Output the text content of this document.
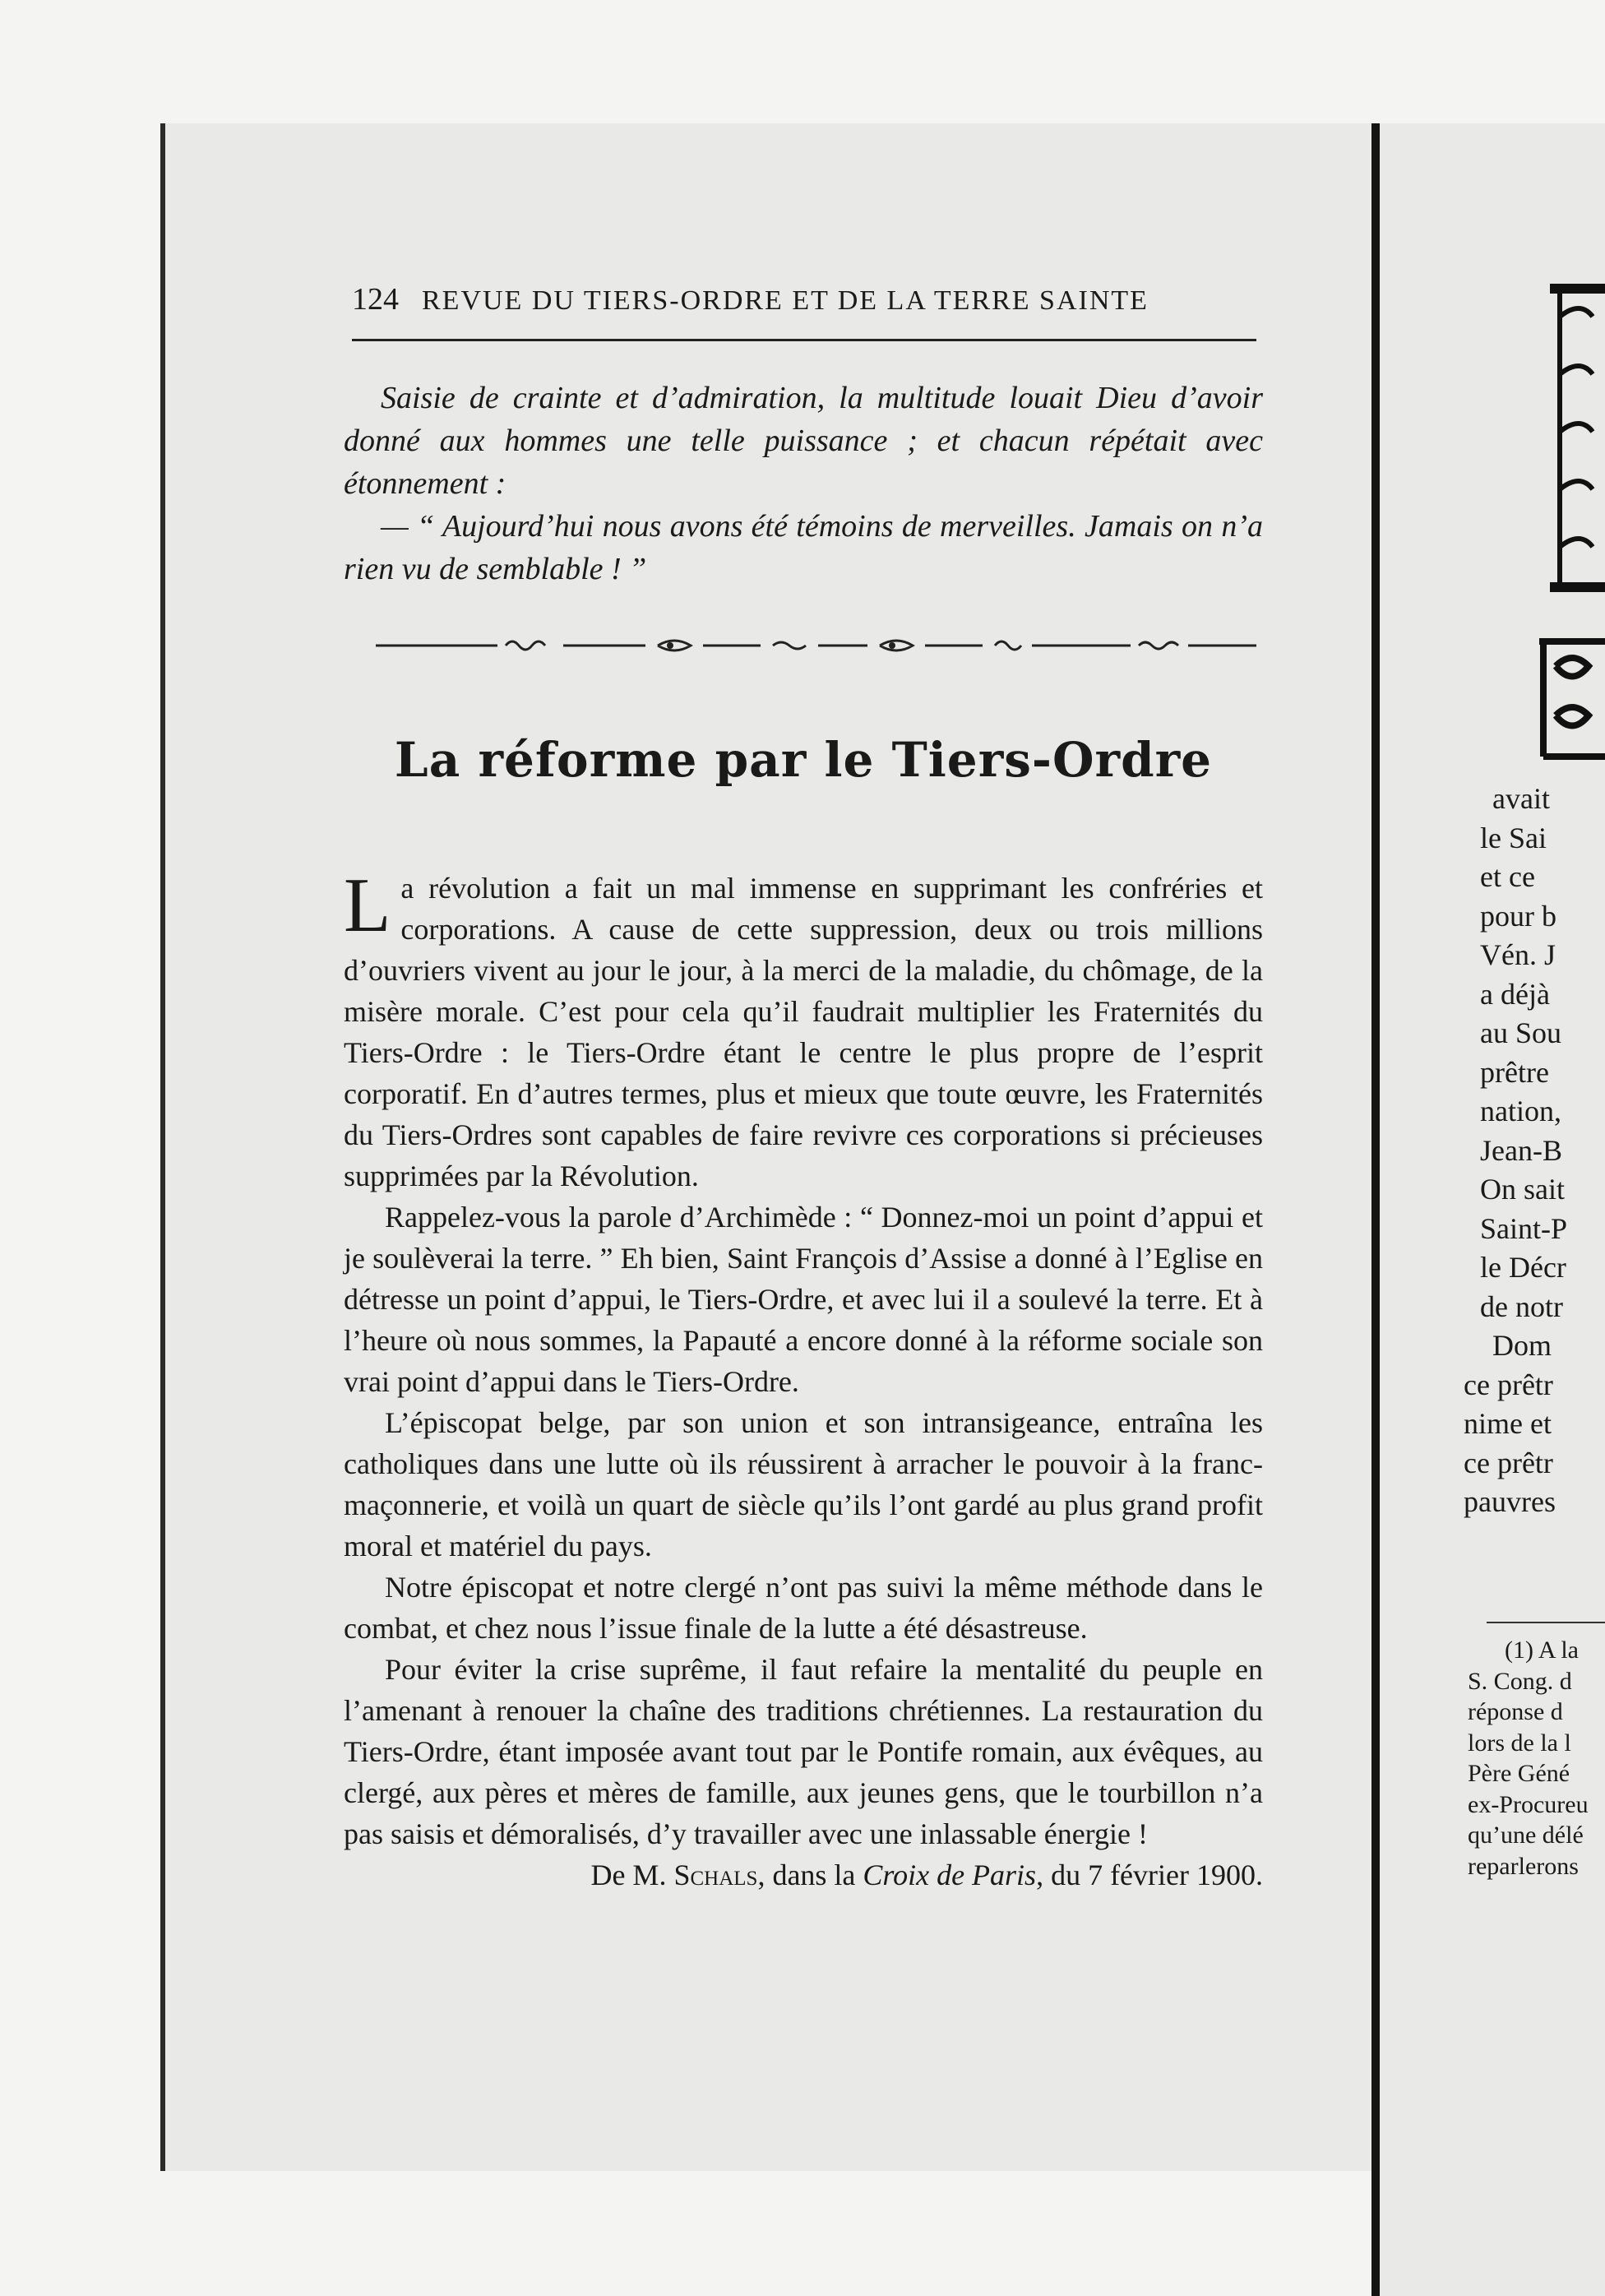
124 REVUE DU TIERS-ORDRE ET DE LA TERRE SAINTE

Saisie de crainte et d’admiration, la multitude louait Dieu d’avoir donné aux hommes une telle puissance ; et chacun répétait avec étonnement :

— “ Aujourd’hui nous avons été témoins de merveilles. Jamais on n’a rien vu de semblable ! ”

La réforme par le Tiers-Ordre

La révolution a fait un mal immense en supprimant les confréries et corporations. A cause de cette suppression, deux ou trois millions d’ouvriers vivent au jour le jour, à la merci de la maladie, du chômage, de la misère morale. C’est pour cela qu’il faudrait multiplier les Fraternités du Tiers-Ordre : le Tiers-Ordre étant le centre le plus propre de l’esprit corporatif. En d’autres termes, plus et mieux que toute œuvre, les Fraternités du Tiers-Ordres sont capables de faire revivre ces corporations si précieuses supprimées par la Révolution.

Rappelez-vous la parole d’Archimède : “ Donnez-moi un point d’appui et je soulèverai la terre. ” Eh bien, Saint François d’Assise a donné à l’Eglise en détresse un point d’appui, le Tiers-Ordre, et avec lui il a soulevé la terre. Et à l’heure où nous sommes, la Papauté a encore donné à la réforme sociale son vrai point d’appui dans le Tiers-Ordre.

L’épiscopat belge, par son union et son intransigeance, entraîna les catholiques dans une lutte où ils réussirent à arracher le pouvoir à la franc-maçonnerie, et voilà un quart de siècle qu’ils l’ont gardé au plus grand profit moral et matériel du pays.

Notre épiscopat et notre clergé n’ont pas suivi la même méthode dans le combat, et chez nous l’issue finale de la lutte a été désastreuse.

Pour éviter la crise suprême, il faut refaire la mentalité du peuple en l’amenant à renouer la chaîne des traditions chrétiennes. La restauration du Tiers-Ordre, étant imposée avant tout par le Pontife romain, aux évêques, au clergé, aux pères et mères de famille, aux jeunes gens, que le tourbillon n’a pas saisis et démoralisés, d’y travailler avec une inlassable énergie !

De M. Schals, dans la Croix de Paris, du 7 février 1900.

avait
le Sai
et ce
pour b
Vén. J
a déjà
au Sou
prêtre
nation,
Jean-B
On sait
Saint-P
le Décr
de notr
Dom
ce prêtr
nime et
ce prêtr
pauvres
(1) A la
S. Cong. d
réponse d
lors de la l
Père Géné
ex-Procureu
qu’une délé
reparlerons
